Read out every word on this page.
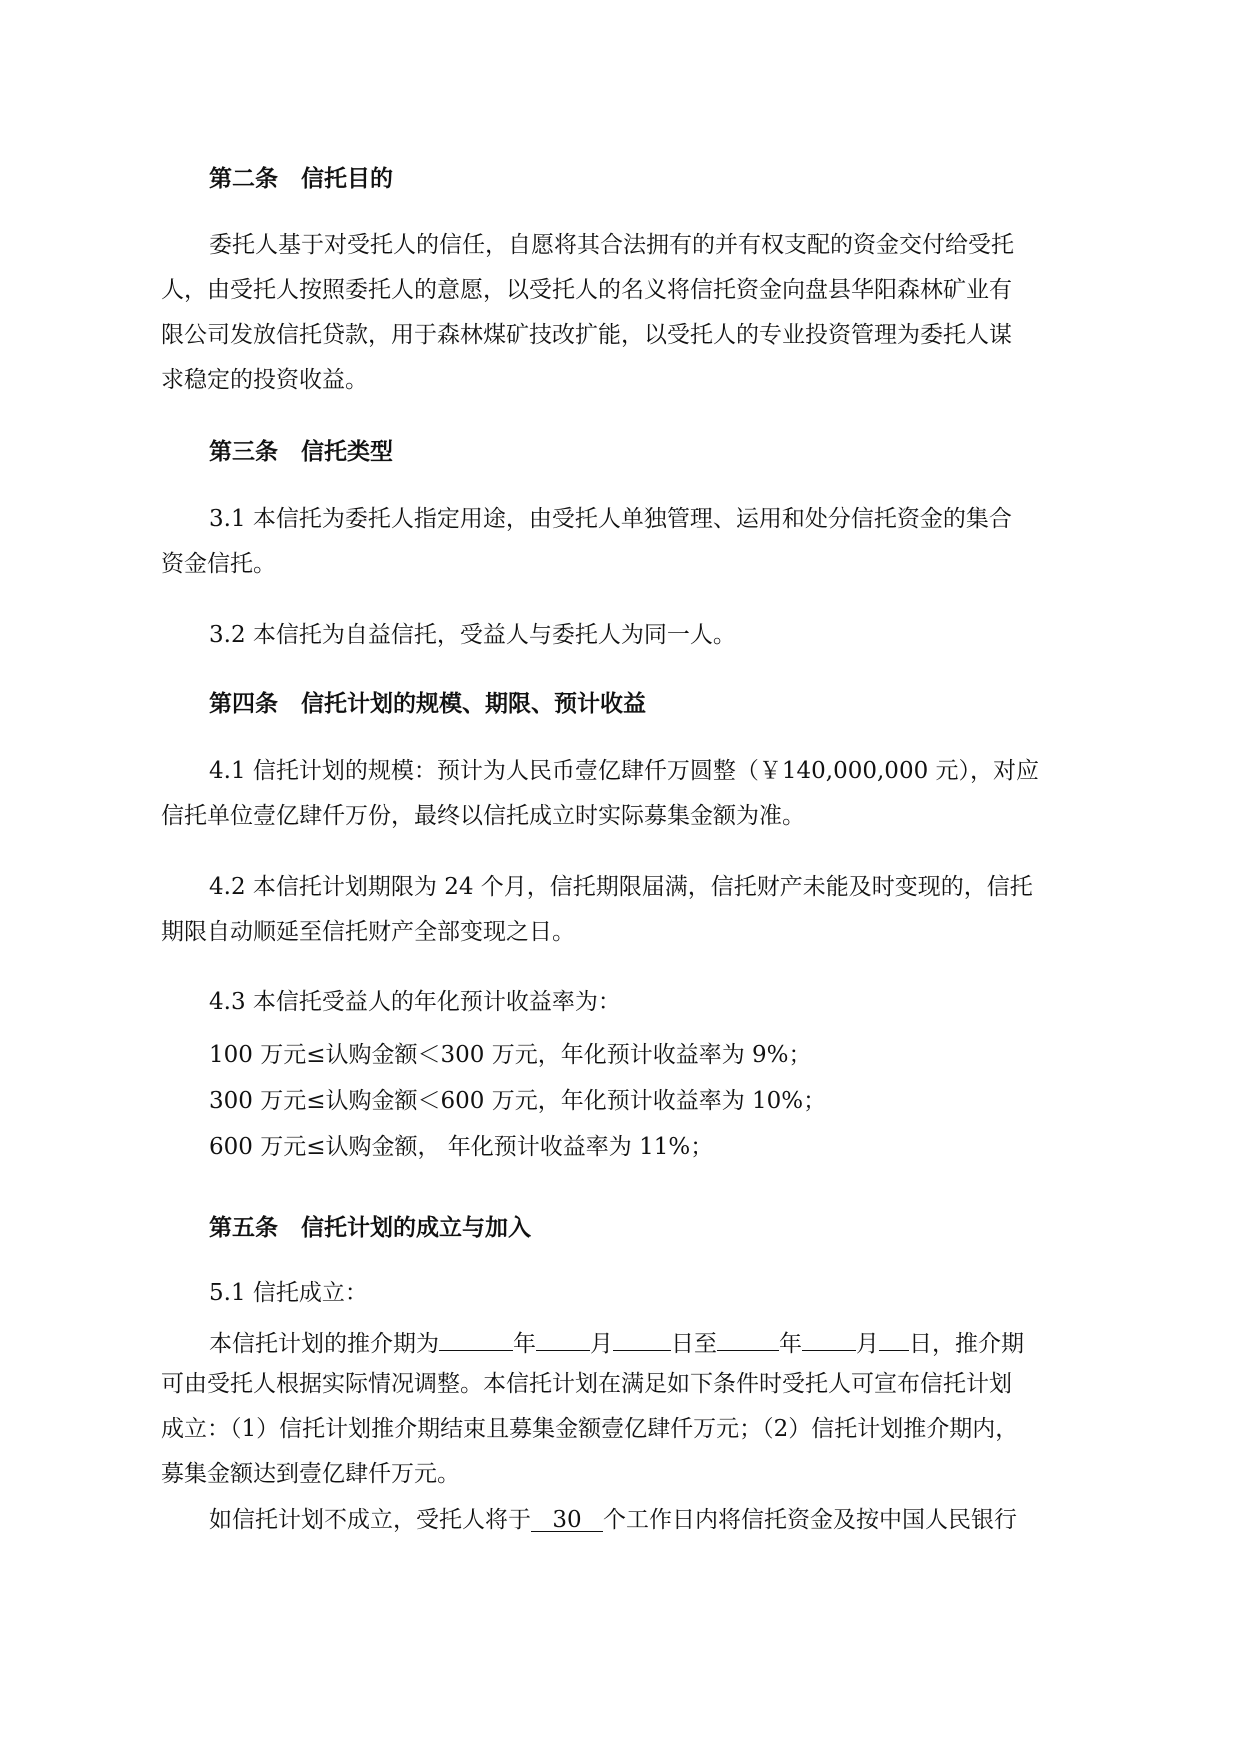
第二条　信托目的
委托人基于对受托人的信任，自愿将其合法拥有的并有权支配的资金交付给受托
人，由受托人按照委托人的意愿，以受托人的名义将信托资金向盘县华阳森林矿业有
限公司发放信托贷款，用于森林煤矿技改扩能，以受托人的专业投资管理为委托人谋
求稳定的投资收益。
第三条　信托类型
3.1 本信托为委托人指定用途，由受托人单独管理、运用和处分信托资金的集合
资金信托。
3.2 本信托为自益信托，受益人与委托人为同一人。
第四条　信托计划的规模、期限、预计收益
4.1 信托计划的规模：预计为人民币壹亿肆仟万圆整（￥140,000,000 元），对应
信托单位壹亿肆仟万份，最终以信托成立时实际募集金额为准。
4.2 本信托计划期限为 24 个月，信托期限届满，信托财产未能及时变现的，信托
期限自动顺延至信托财产全部变现之日。
4.3 本信托受益人的年化预计收益率为：
100 万元≤认购金额＜300 万元，年化预计收益率为 9%；
300 万元≤认购金额＜600 万元，年化预计收益率为 10%；
600 万元≤认购金额， 年化预计收益率为 11%；
第五条　信托计划的成立与加入
5.1 信托成立：
本信托计划的推介期为	年 月	日至	年 月 日，推介期
可由受托人根据实际情况调整。本信托计划在满足如下条件时受托人可宣布信托计划
成立：（1）信托计划推介期结束且募集金额壹亿肆仟万元；（2）信托计划推介期内，
募集金额达到壹亿肆仟万元。
如信托计划不成立，受托人将于 30 个工作日内将信托资金及按中国人民银行
